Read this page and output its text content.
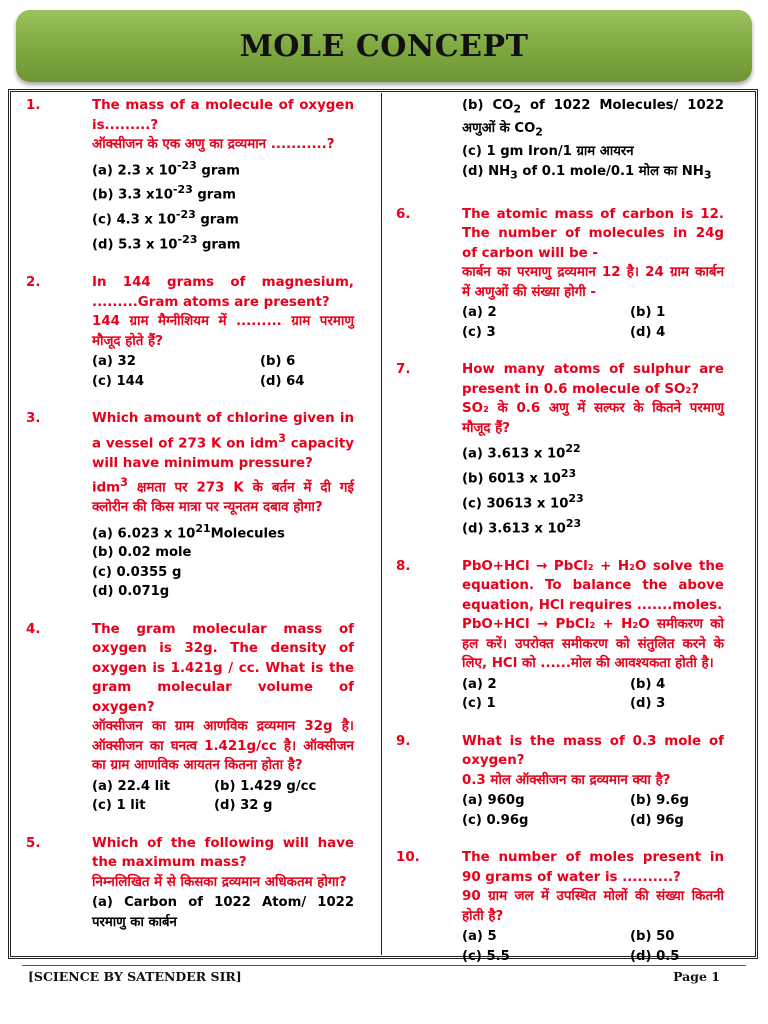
MOLE CONCEPT
1.	The mass of a molecule of oxygen is.........?
ऑक्सीजन के एक अणु का द्रव्यमान ...........?
(a) 2.3 x $10^{-23}$ gram
(b) 3.3 $x10^{-23}$ gram
(c) 4.3 x $10^{-23}$ gram
(d) 5.3 x $10^{-23}$ gram
2.	In 144 grams of magnesium, .........Gram atoms are present?
144 ग्राम मैग्नीशियम में ......... ग्राम परमाणु मौजूद होते हैं?
(a) 32	(b) 6
(c) 144	(d) 64
3.	Which amount of chlorine given in a vessel of 273 K on idm$^3$ capacity will have minimum pressure?
idm$^3$ क्षमता पर 273 K के बर्तन में दी गई क्लोरीन की किस मात्रा पर न्यूनतम दबाव होगा?
(a) 6.023 x $10^{21}Molecules$
(b) 0.02 mole
(c) 0.0355 g
(d) 0.071g
4.	The gram molecular mass of oxygen is 32g. The density of oxygen is 1.421g / cc. What is the gram molecular volume of oxygen?
ऑक्सीजन का ग्राम आणविक द्रव्यमान 32g है। ऑक्सीजन का घनत्व 1.421g/cc है। ऑक्सीजन का ग्राम आणविक आयतन कितना होता है?
(a) 22.4 lit	(b) 1.429 g/cc
(c) 1 lit	(d) 32 g
5.	Which of the following will have the maximum mass?
निम्नलिखित में से किसका द्रव्यमान अधिकतम होगा?
(a) Carbon of 1022 Atom/ 1022 परमाणु का कार्बन
(b) $CO_2$ of 1022 Molecules/ 1022 अणुओं के $CO_2$
(c) 1 gm Iron/1 ग्राम आयरन
(d) $NH_3$ of 0.1 mole/0.1 मोल का $NH_3$
6.	The atomic mass of carbon is 12. The number of molecules in 24g of carbon will be -
कार्बन का परमाणु द्रव्यमान 12 है। 24 ग्राम कार्बन में अणुओं की संख्या होगी -
(a) 2	(b) 1
(c) 3	(d) 4
7.	How many atoms of sulphur are present in 0.6 molecule of SO₂?
SO₂ के 0.6 अणु में सल्फर के कितने परमाणु मौजूद हैं?
(a) 3.613 x $10^{22}$
(b) 6013 x $10^{23}$
(c) 30613 x $10^{23}$
(d) 3.613 x $10^{23}$
8.	PbO+HCl → PbCl₂ + H₂O solve the equation. To balance the above equation, HCl requires .......moles.
PbO+HCl → PbCl₂ + H₂O समीकरण को हल करें। उपरोक्त समीकरण को संतुलित करने के लिए, HCl को ......मोल की आवश्यकता होती है।
(a) 2	(b) 4
(c) 1	(d) 3
9.	What is the mass of 0.3 mole of oxygen?
0.3 मोल ऑक्सीजन का द्रव्यमान क्या है?
(a) 960g	(b) 9.6g
(c) 0.96g	(d) 96g
10.	The number of moles present in 90 grams of water is ..........?
90 ग्राम जल में उपस्थित मोलों की संख्या कितनी होती है?
(a) 5	(b) 50
(c) 5.5	(d) 0.5
[SCIENCE BY SATENDER SIR]	Page 1
